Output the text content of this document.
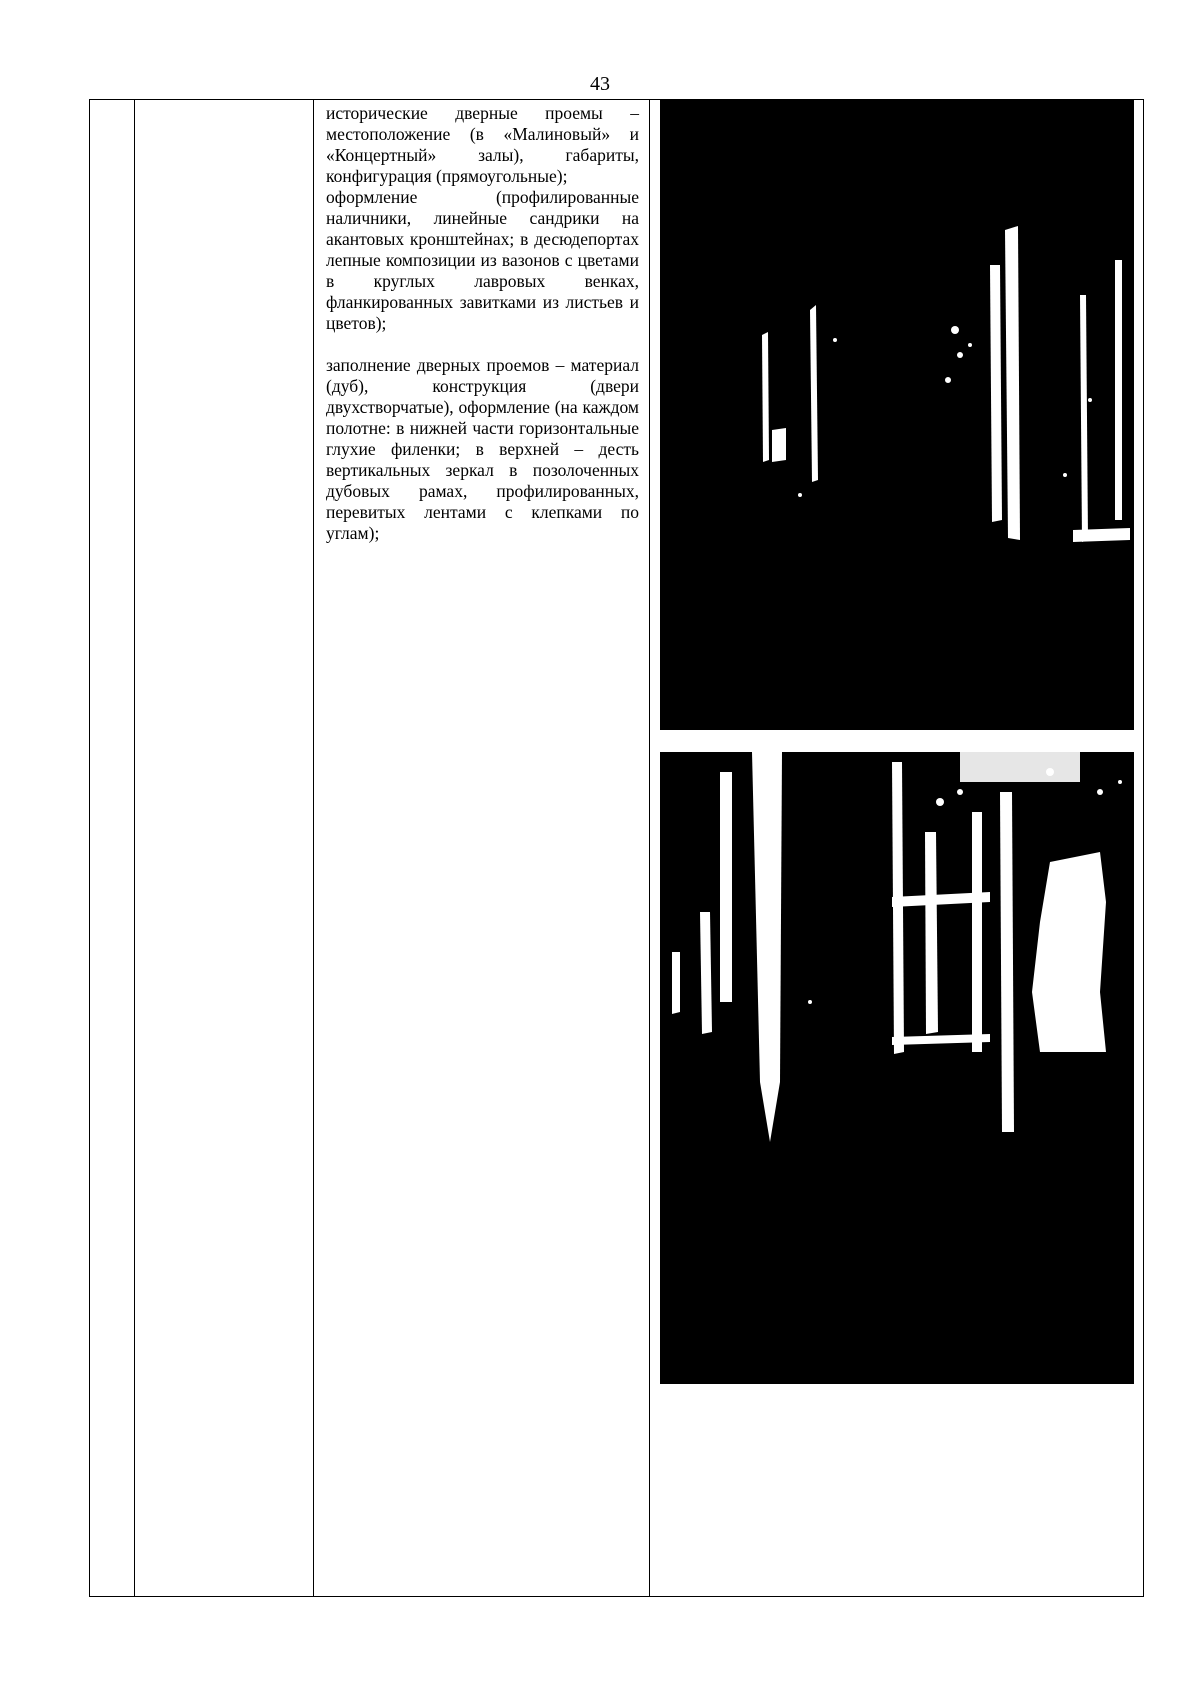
43

исторические дверные проемы – местоположение (в «Малиновый» и «Концертный» залы), габариты, конфигурация (прямоугольные);

оформление (профилированные наличники, линейные сандрики на акантовых кронштейнах; в десюдепортах лепные композиции из вазонов с цветами в круглых лавровых венках, фланкированных завитками из листьев и цветов);

заполнение дверных проемов – материал (дуб), конструкция (двери двухстворчатые), оформление (на каждом полотне: в нижней части горизонтальные глухие филенки; в верхней – десть вертикальных зеркал в позолоченных дубовых рамах, профилированных, перевитых лентами с клепками по углам);
